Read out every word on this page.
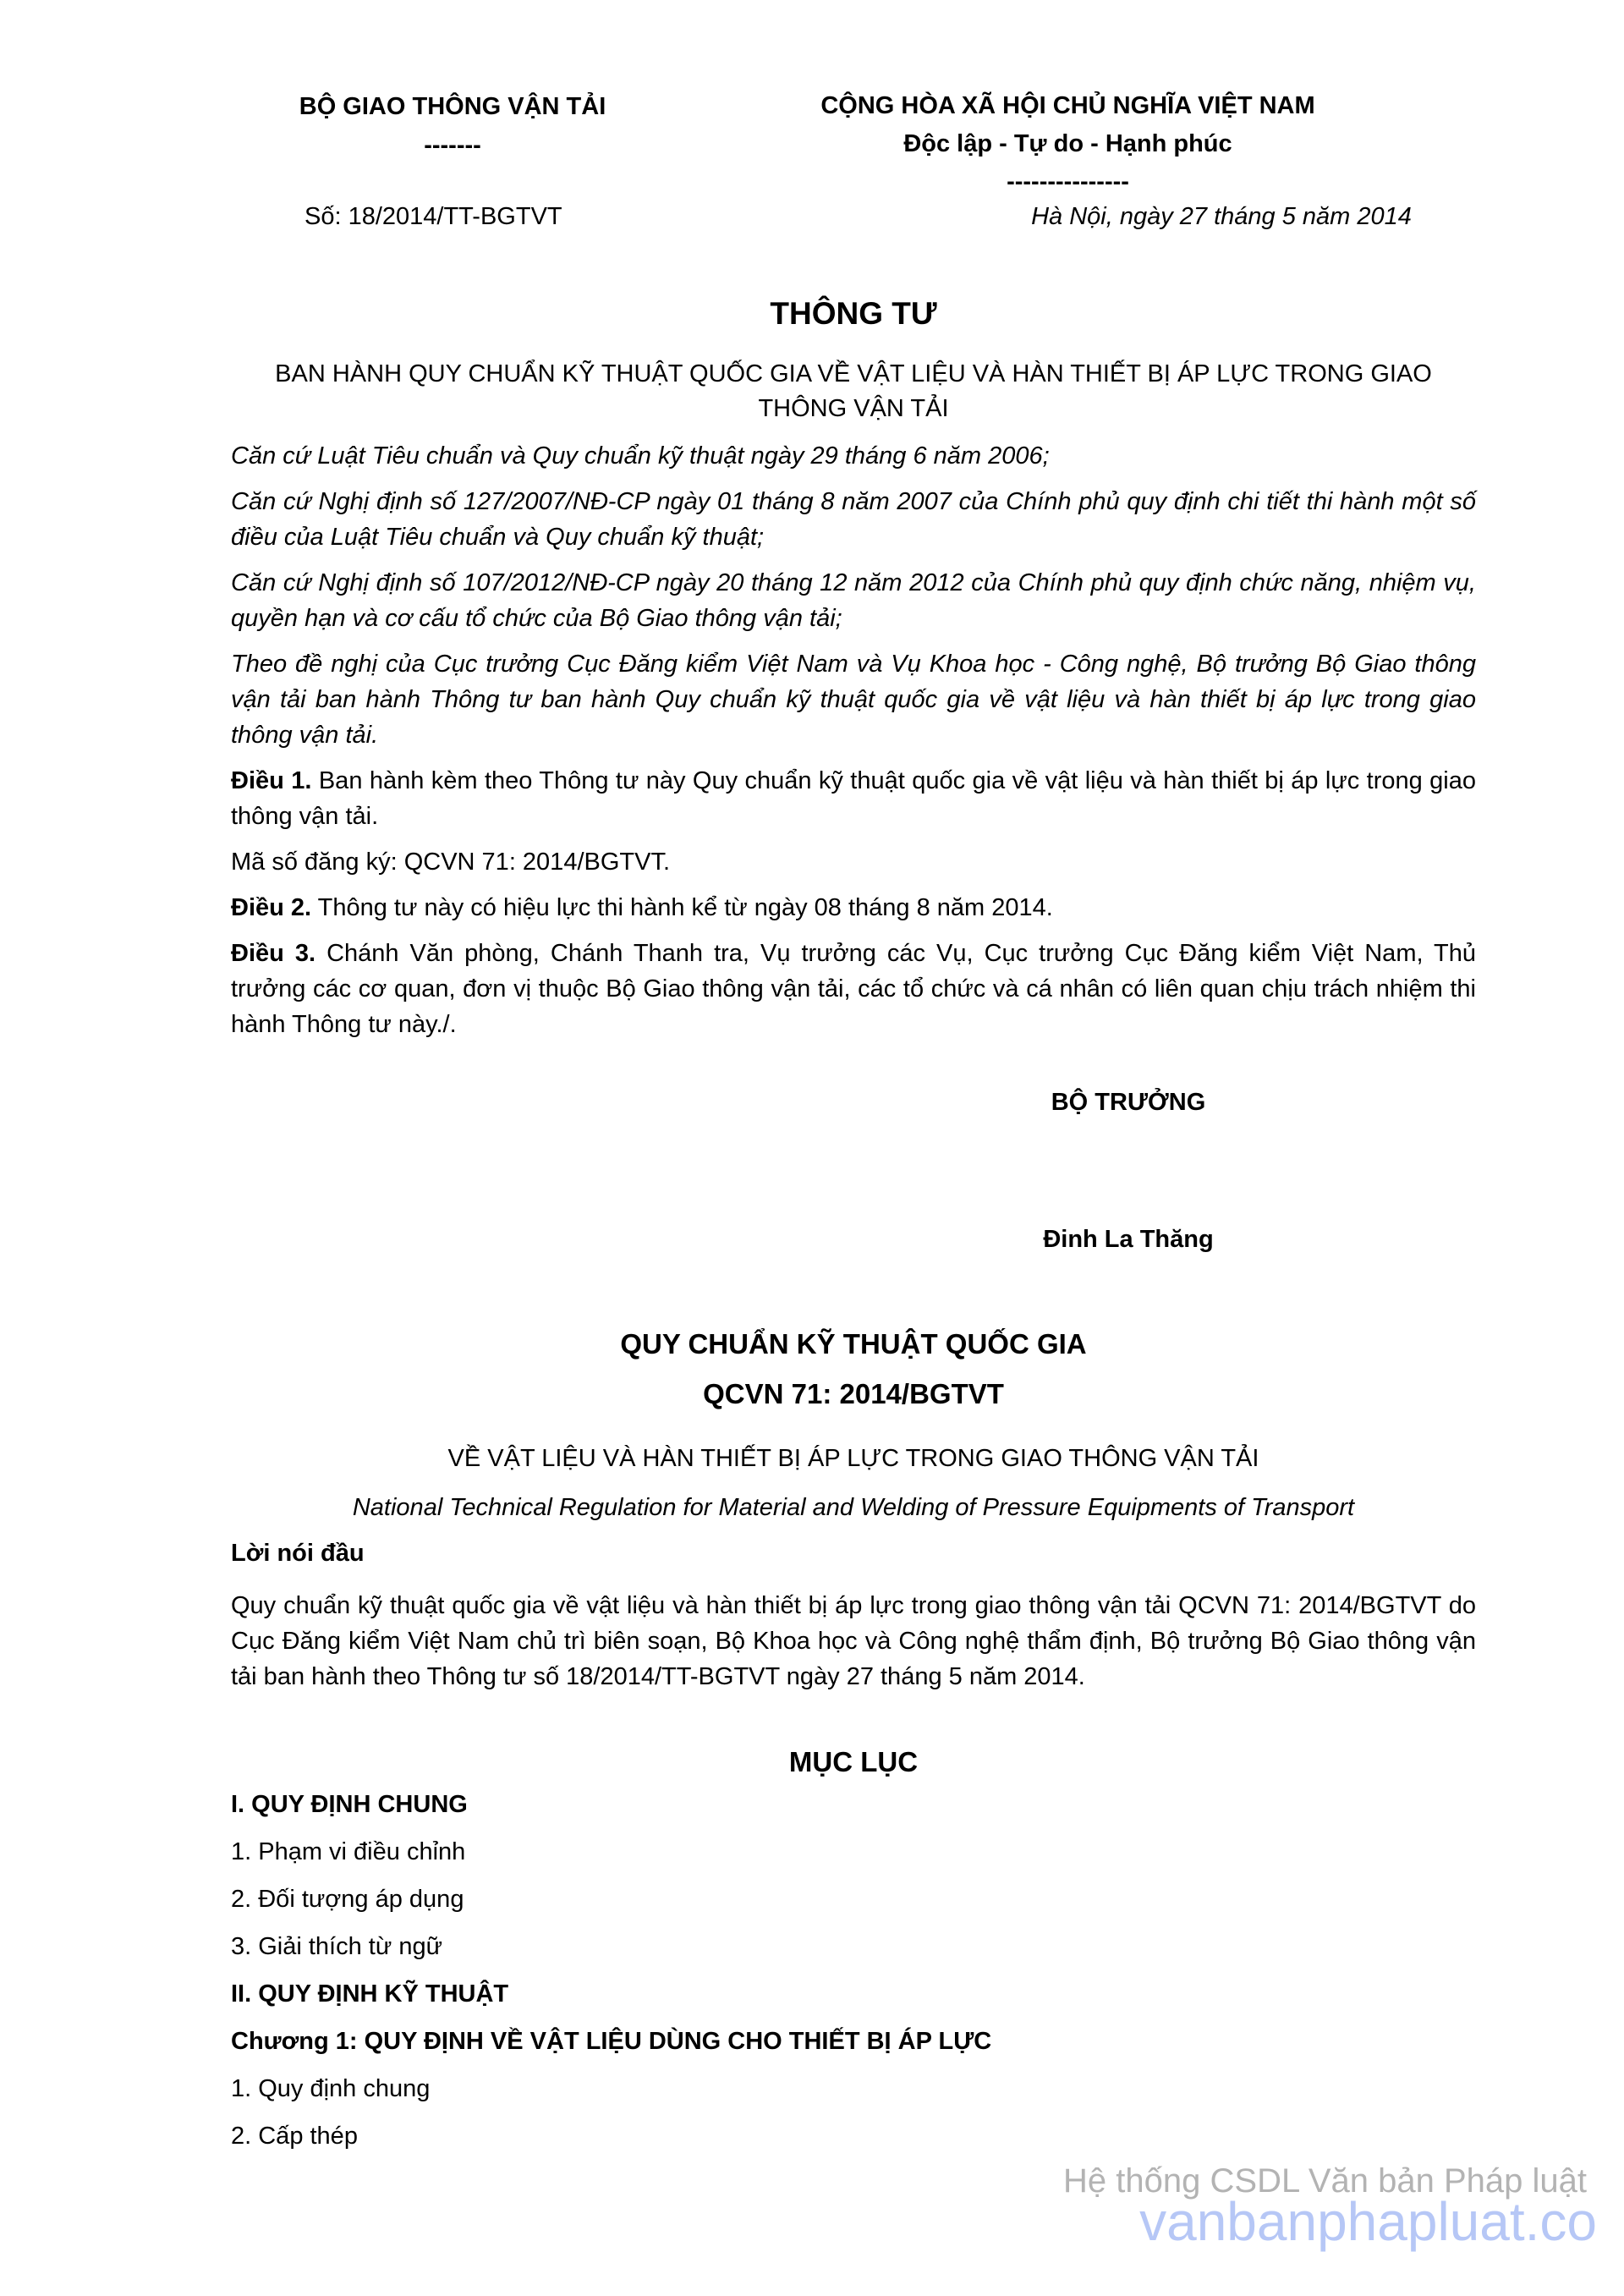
BỘ GIAO THÔNG VẬN TẢI
-------
CỘNG HÒA XÃ HỘI CHỦ NGHĨA VIỆT NAM
Độc lập - Tự do - Hạnh phúc
---------------
Số: 18/2014/TT-BGTVT	Hà Nội, ngày 27 tháng 5 năm 2014
THÔNG TƯ
BAN HÀNH QUY CHUẨN KỸ THUẬT QUỐC GIA VỀ VẬT LIỆU VÀ HÀN THIẾT BỊ ÁP LỰC TRONG GIAO THÔNG VẬN TẢI

Căn cứ Luật Tiêu chuẩn và Quy chuẩn kỹ thuật ngày 29 tháng 6 năm 2006;

Căn cứ Nghị định số 127/2007/NĐ-CP ngày 01 tháng 8 năm 2007 của Chính phủ quy định chi tiết thi hành một số điều của Luật Tiêu chuẩn và Quy chuẩn kỹ thuật;

Căn cứ Nghị định số 107/2012/NĐ-CP ngày 20 tháng 12 năm 2012 của Chính phủ quy định chức năng, nhiệm vụ, quyền hạn và cơ cấu tổ chức của Bộ Giao thông vận tải;

Theo đề nghị của Cục trưởng Cục Đăng kiểm Việt Nam và Vụ Khoa học - Công nghệ, Bộ trưởng Bộ Giao thông vận tải ban hành Thông tư ban hành Quy chuẩn kỹ thuật quốc gia về vật liệu và hàn thiết bị áp lực trong giao thông vận tải.

Điều 1. Ban hành kèm theo Thông tư này Quy chuẩn kỹ thuật quốc gia về vật liệu và hàn thiết bị áp lực trong giao thông vận tải.

Mã số đăng ký: QCVN 71: 2014/BGTVT.

Điều 2. Thông tư này có hiệu lực thi hành kể từ ngày 08 tháng 8 năm 2014.

Điều 3. Chánh Văn phòng, Chánh Thanh tra, Vụ trưởng các Vụ, Cục trưởng Cục Đăng kiểm Việt Nam, Thủ trưởng các cơ quan, đơn vị thuộc Bộ Giao thông vận tải, các tổ chức và cá nhân có liên quan chịu trách nhiệm thi hành Thông tư này./.

BỘ TRƯỞNG
Đinh La Thăng
QUY CHUẨN KỸ THUẬT QUỐC GIA
QCVN 71: 2014/BGTVT
VỀ VẬT LIỆU VÀ HÀN THIẾT BỊ ÁP LỰC TRONG GIAO THÔNG VẬN TẢI
National Technical Regulation for Material and Welding of Pressure Equipments of Transport
Lời nói đầu

Quy chuẩn kỹ thuật quốc gia về vật liệu và hàn thiết bị áp lực trong giao thông vận tải QCVN 71: 2014/BGTVT do Cục Đăng kiểm Việt Nam chủ trì biên soạn, Bộ Khoa học và Công nghệ thẩm định, Bộ trưởng Bộ Giao thông vận tải ban hành theo Thông tư số 18/2014/TT-BGTVT ngày 27 tháng 5 năm 2014.

MỤC LỤC

I. QUY ĐỊNH CHUNG

1. Phạm vi điều chỉnh

2. Đối tượng áp dụng

3. Giải thích từ ngữ

II. QUY ĐỊNH KỸ THUẬT

Chương 1: QUY ĐỊNH VỀ VẬT LIỆU DÙNG CHO THIẾT BỊ ÁP LỰC

1. Quy định chung

2. Cấp thép

Hệ thống CSDL Văn bản Pháp luật
vanbanphapluat.co
